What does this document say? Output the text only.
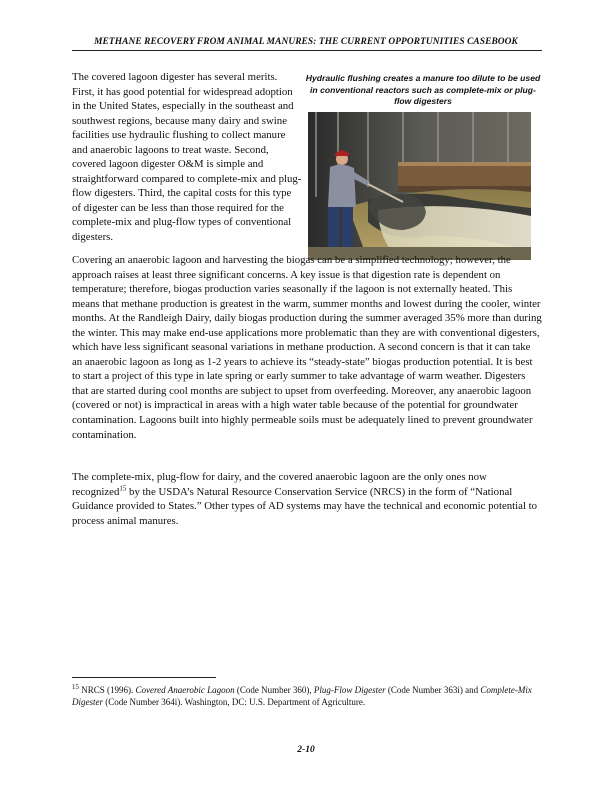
METHANE RECOVERY FROM ANIMAL MANURES: THE CURRENT OPPORTUNITIES CASEBOOK

The covered lagoon digester has several merits. First, it has good potential for widespread adoption in the United States, especially in the southeast and southwest regions, because many dairy and swine facilities use hydraulic flushing to collect manure and anaerobic lagoons to treat waste. Second, covered lagoon digester O&M is simple and straightforward compared to complete-mix and plug-flow digesters. Third, the capital costs for this type of digester can be less than those required for the complete-mix and plug-flow types of conventional digesters.

Hydraulic flushing creates a manure too dilute to be used in conventional reactors such as complete-mix or plug-flow digesters

Covering an anaerobic lagoon and harvesting the biogas can be a simplified technology; however, the approach raises at least three significant concerns. A key issue is that digestion rate is dependent on temperature; therefore, biogas production varies seasonally if the lagoon is not externally heated. This means that methane production is greatest in the warm, summer months and lowest during the cooler, winter months. At the Randleigh Dairy, daily biogas production during the summer averaged 35% more than during the winter. This may make end-use applications more problematic than they are with conventional digesters, which have less significant seasonal variations in methane production. A second concern is that it can take an anaerobic lagoon as long as 1-2 years to achieve its “steady-state” biogas production potential. It is best to start a project of this type in late spring or early summer to take advantage of warm weather. Digesters that are started during cool months are subject to upset from overfeeding. Moreover, any anaerobic lagoon (covered or not) is impractical in areas with a high water table because of the potential for groundwater contamination. Lagoons built into highly permeable soils must be adequately lined to prevent groundwater contamination.

The complete-mix, plug-flow for dairy, and the covered anaerobic lagoon are the only ones now recognized$^{15}$ by the USDA’s Natural Resource Conservation Service (NRCS) in the form of “National Guidance provided to States.” Other types of AD systems may have the technical and economic potential to process animal manures.

$^{15}$ NRCS (1996). Covered Anaerobic Lagoon (Code Number 360), Plug-Flow Digester (Code Number 363i) and Complete-Mix Digester (Code Number 364i). Washington, DC: U.S. Department of Agriculture.

2-10
